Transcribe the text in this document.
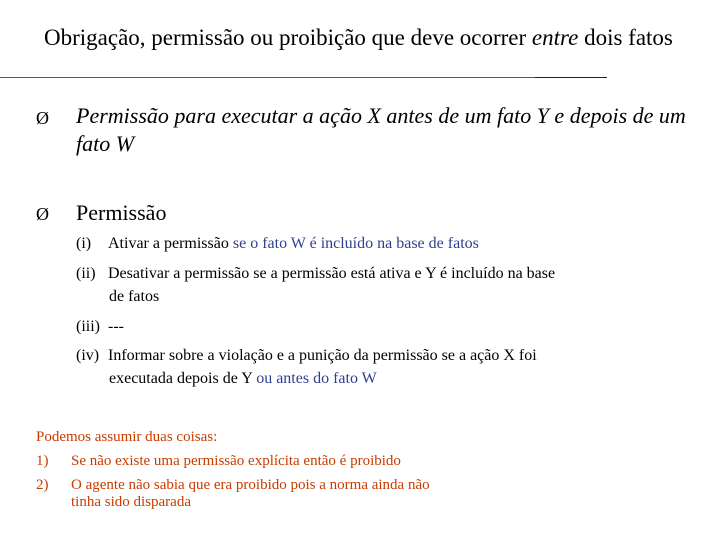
Obrigação, permissão ou proibição que deve ocorrer entre dois fatos
Ø Permissão para executar a ação X antes de um fato Y e depois de um fato W
Ø Permissão
(i) Ativar a permissão se o fato W é incluído na base de fatos
(ii) Desativar a permissão se a permissão está ativa e Y é incluído na base
de fatos
(iii) ---
(iv) Informar sobre a violação e a punição da permissão se a ação X foi
executada depois de Y ou antes do fato W
Podemos assumir duas coisas:
1) Se não existe uma permissão explícita então é proibido
2) O agente não sabia que era proibido pois a norma ainda não
tinha sido disparada
